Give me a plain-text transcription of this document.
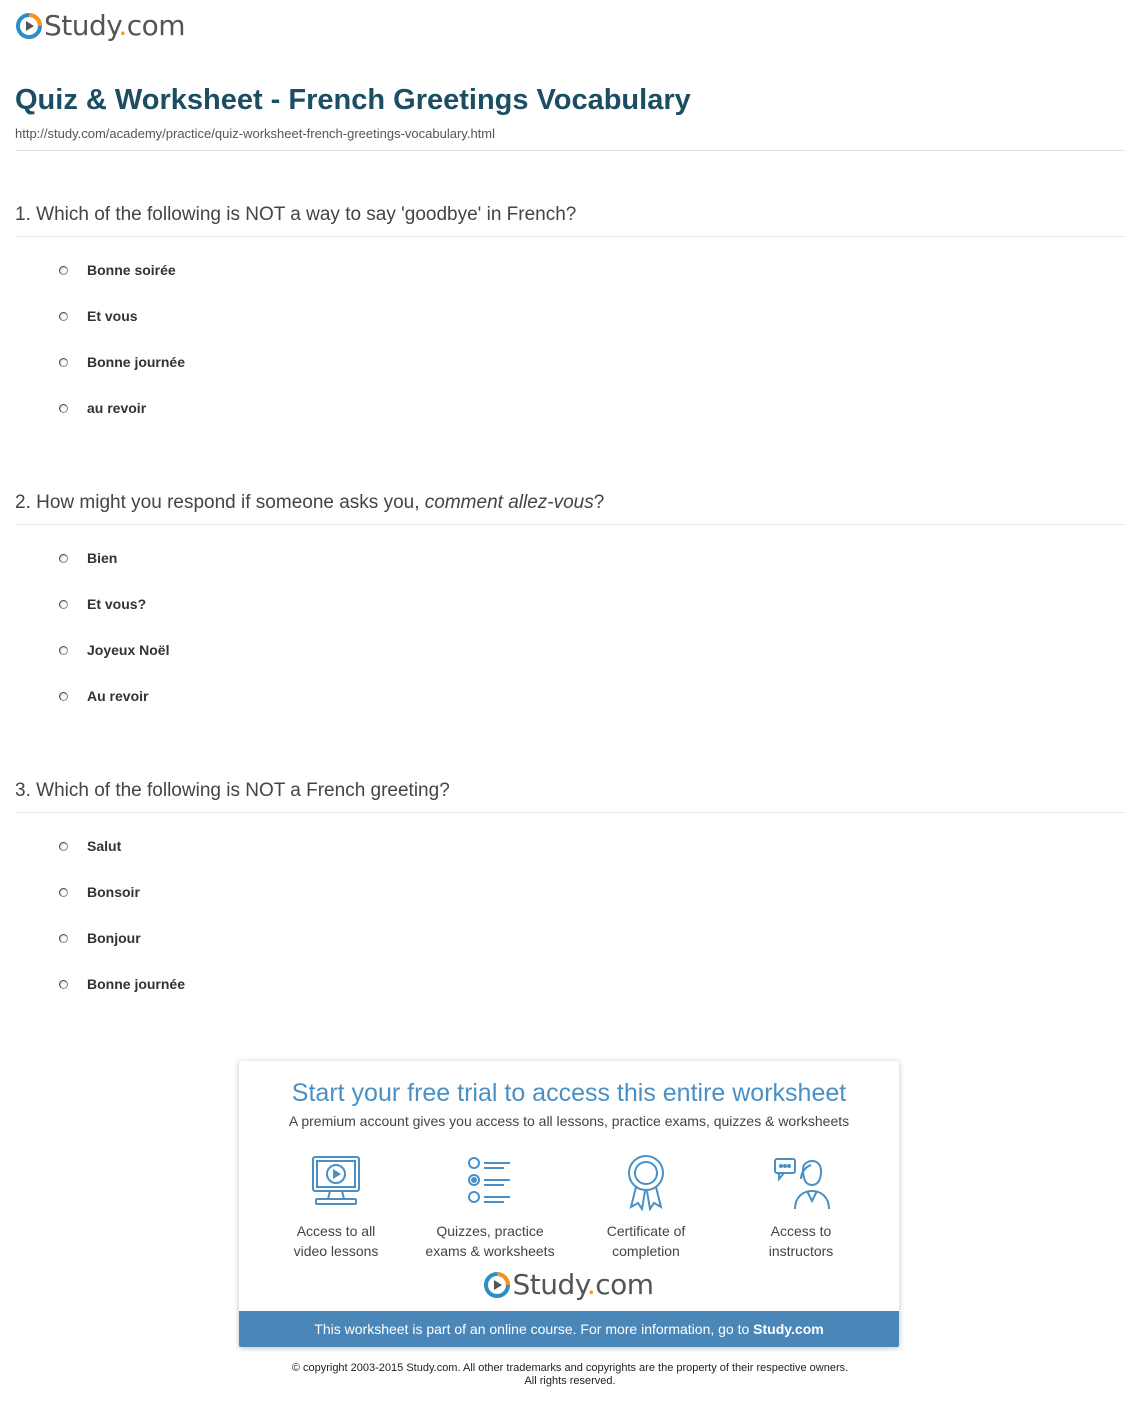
Study.com
Quiz & Worksheet - French Greetings Vocabulary
http://study.com/academy/practice/quiz-worksheet-french-greetings-vocabulary.html
1. Which of the following is NOT a way to say 'goodbye' in French?
Bonne soirée
Et vous
Bonne journée
au revoir
2. How might you respond if someone asks you, comment allez-vous?
Bien
Et vous?
Joyeux Noël
Au revoir
3. Which of the following is NOT a French greeting?
Salut
Bonsoir
Bonjour
Bonne journée
Start your free trial to access this entire worksheet
A premium account gives you access to all lessons, practice exams, quizzes & worksheets
Access to all
video lessons
Quizzes, practice
exams & worksheets
Certificate of
completion
Access to
instructors
Study.com
This worksheet is part of an online course. For more information, go to Study.com
© copyright 2003-2015 Study.com. All other trademarks and copyrights are the property of their respective owners.
All rights reserved.
